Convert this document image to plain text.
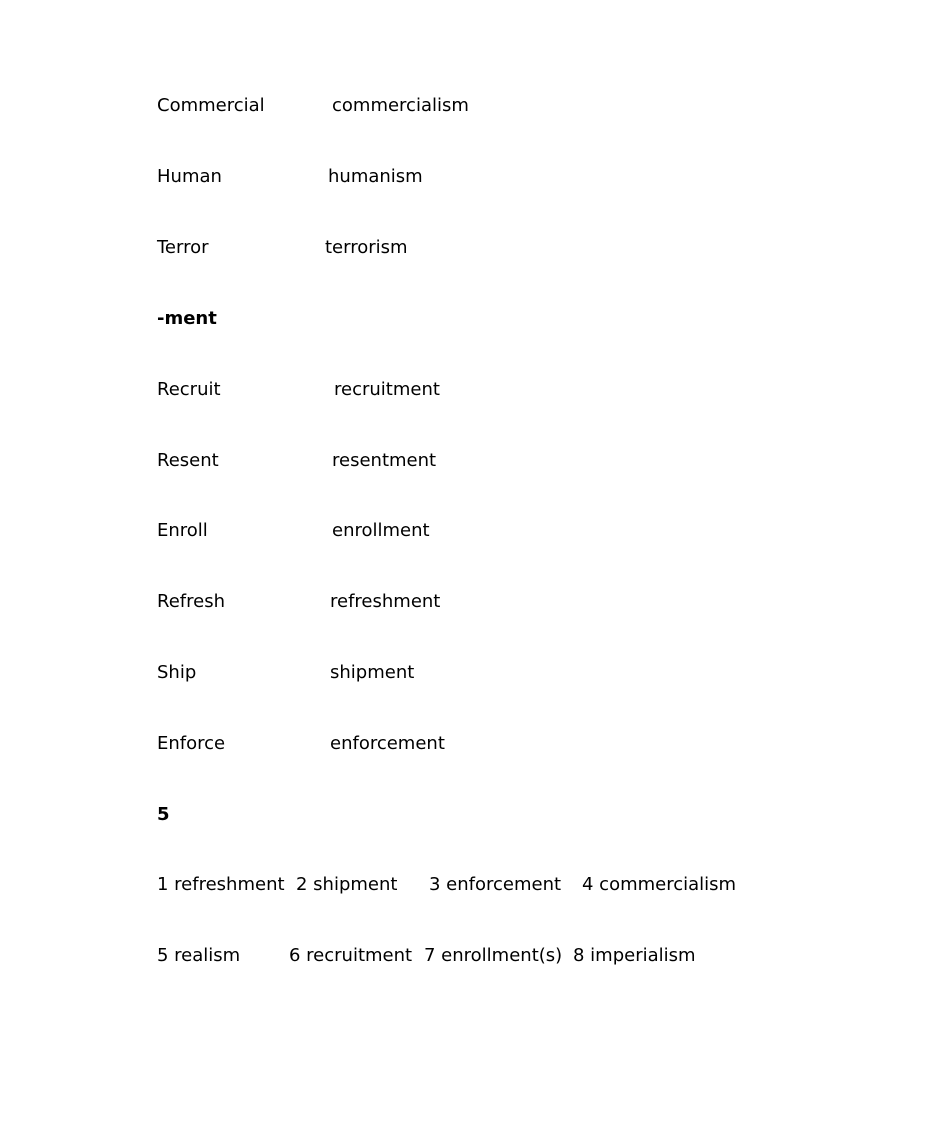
Commercial	commercialism
Human	humanism
Terror	terrorism
-ment
Recruit	recruitment
Resent	resentment
Enroll	enrollment
Refresh	refreshment
Ship	shipment
Enforce	enforcement
5
1 refreshment 2 shipment 3 enforcement 4 commercialism
5 realism	6 recruitment 7 enrollment(s) 8 imperialism
